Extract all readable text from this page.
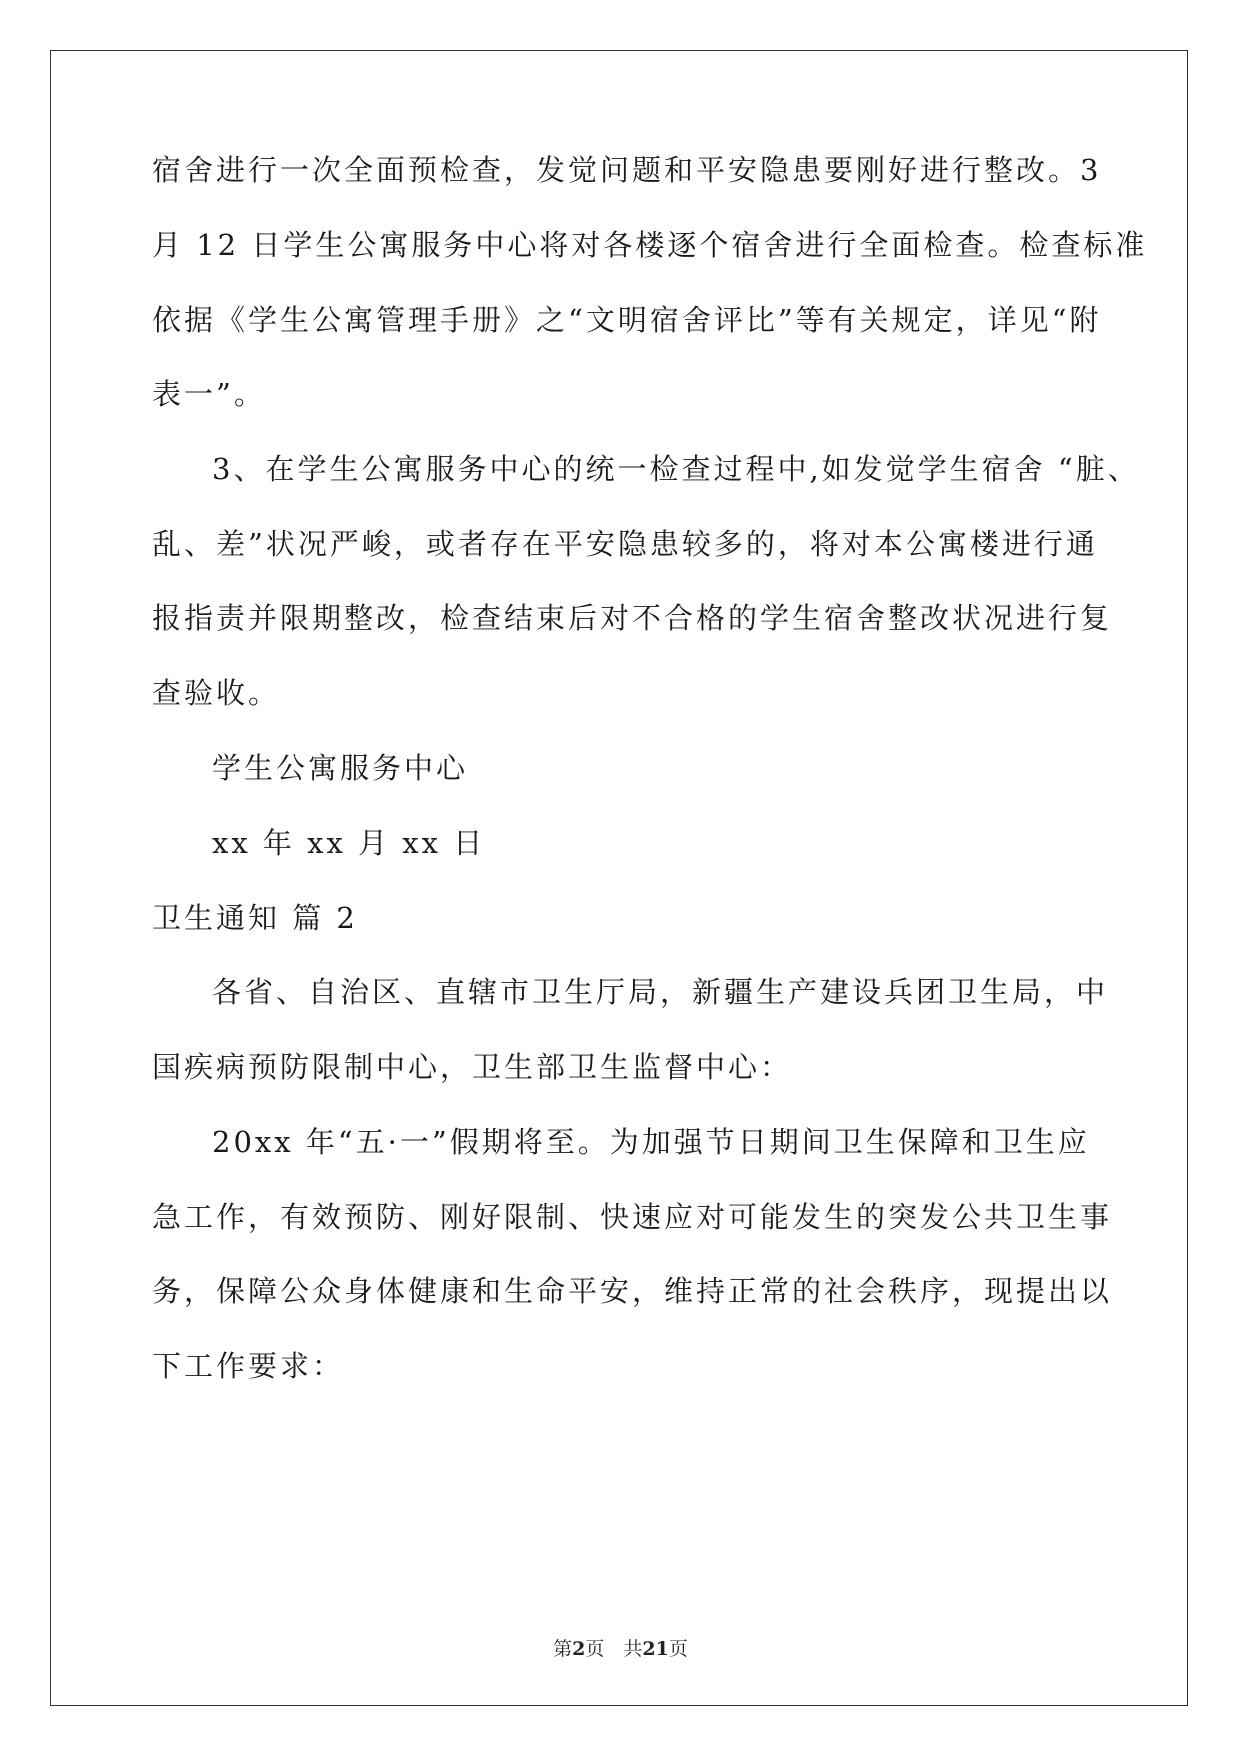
宿舍进行一次全面预检查，发觉问题和平安隐患要刚好进行整改。3
月 12 日学生公寓服务中心将对各楼逐个宿舍进行全面检查。检查标准
依据《学生公寓管理手册》之“文明宿舍评比”等有关规定，详见“附
表一”。
3、在学生公寓服务中心的统一检查过程中,如发觉学生宿舍 “脏、
乱、差”状况严峻，或者存在平安隐患较多的，将对本公寓楼进行通
报指责并限期整改，检查结束后对不合格的学生宿舍整改状况进行复
查验收。
学生公寓服务中心
xx 年 xx 月 xx 日
卫生通知 篇 2
各省、自治区、直辖市卫生厅局，新疆生产建设兵团卫生局，中
国疾病预防限制中心，卫生部卫生监督中心：
20xx 年“五·一”假期将至。为加强节日期间卫生保障和卫生应
急工作，有效预防、刚好限制、快速应对可能发生的突发公共卫生事
务，保障公众身体健康和生命平安，维持正常的社会秩序，现提出以
下工作要求：
第2页　共21页
